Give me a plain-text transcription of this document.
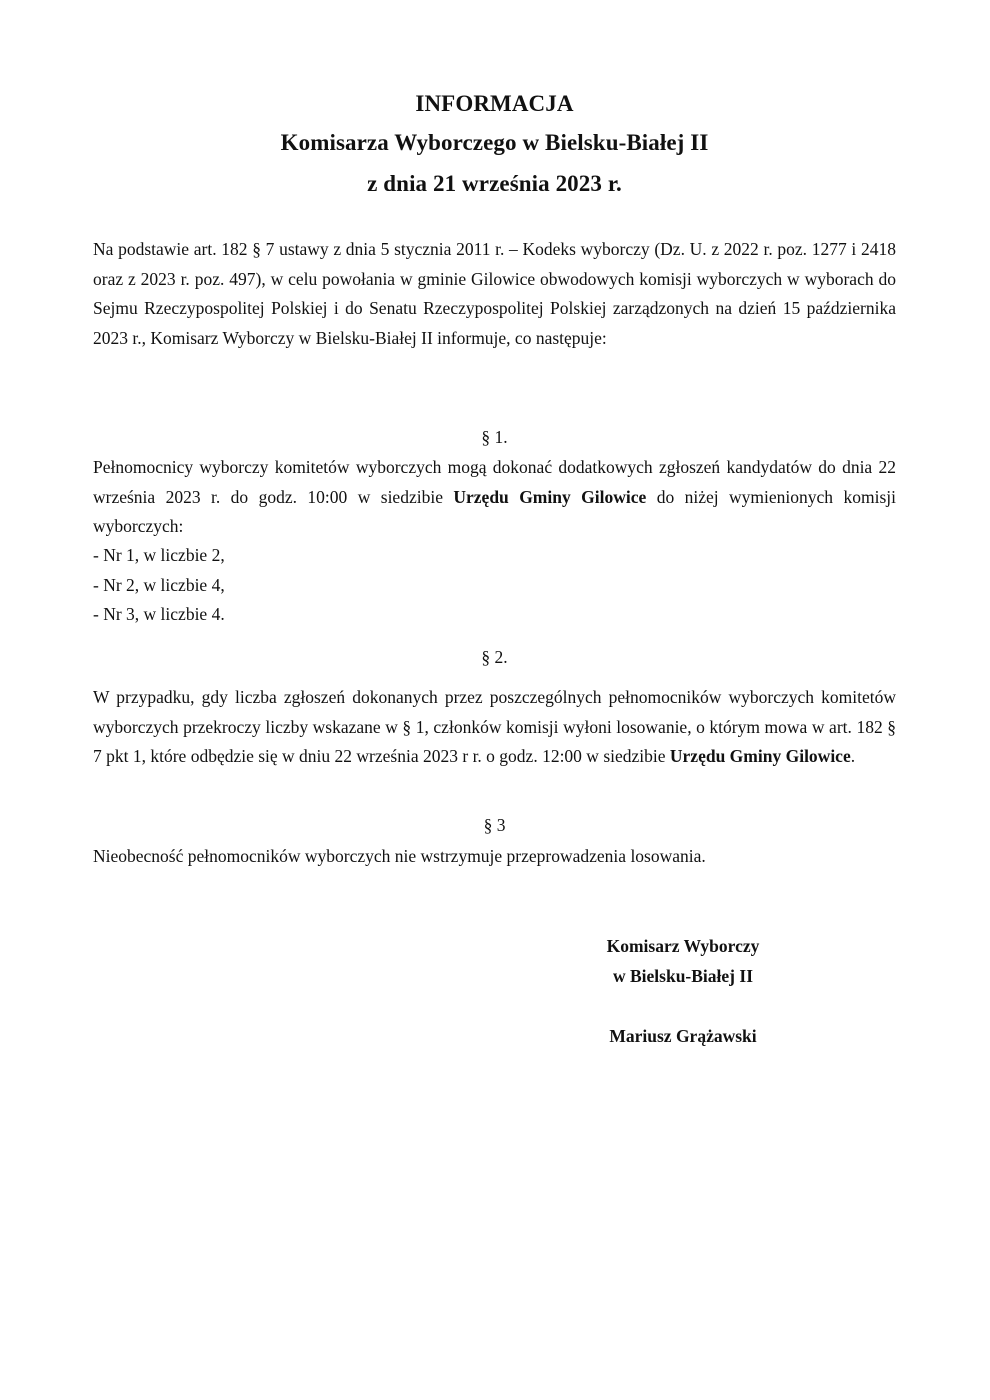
INFORMACJA
Komisarza Wyborczego w Bielsku-Białej II
z dnia 21 września 2023 r.
Na podstawie art. 182 § 7 ustawy z dnia 5 stycznia 2011 r. – Kodeks wyborczy (Dz. U. z 2022 r. poz. 1277 i 2418 oraz z 2023 r. poz. 497), w celu powołania w gminie Gilowice obwodowych komisji wyborczych w wyborach do Sejmu Rzeczypospolitej Polskiej i do Senatu Rzeczypospolitej Polskiej zarządzonych na dzień 15 października 2023 r., Komisarz Wyborczy w Bielsku-Białej II informuje, co następuje:
§ 1.
Pełnomocnicy wyborczy komitetów wyborczych mogą dokonać dodatkowych zgłoszeń kandydatów do dnia 22 września 2023 r. do godz. 10:00 w siedzibie Urzędu Gminy Gilowice do niżej wymienionych komisji wyborczych:
- Nr 1, w liczbie 2,
- Nr 2, w liczbie 4,
- Nr 3, w liczbie 4.
§ 2.
W przypadku, gdy liczba zgłoszeń dokonanych przez poszczególnych pełnomocników wyborczych komitetów wyborczych przekroczy liczby wskazane w § 1, członków komisji wyłoni losowanie, o którym mowa w art. 182 § 7 pkt 1, które odbędzie się w dniu 22 września 2023 r r. o godz. 12:00 w siedzibie Urzędu Gminy Gilowice.
§ 3
Nieobecność pełnomocników wyborczych nie wstrzymuje przeprowadzenia losowania.
Komisarz Wyborczy
w Bielsku-Białej II
Mariusz Grążawski
